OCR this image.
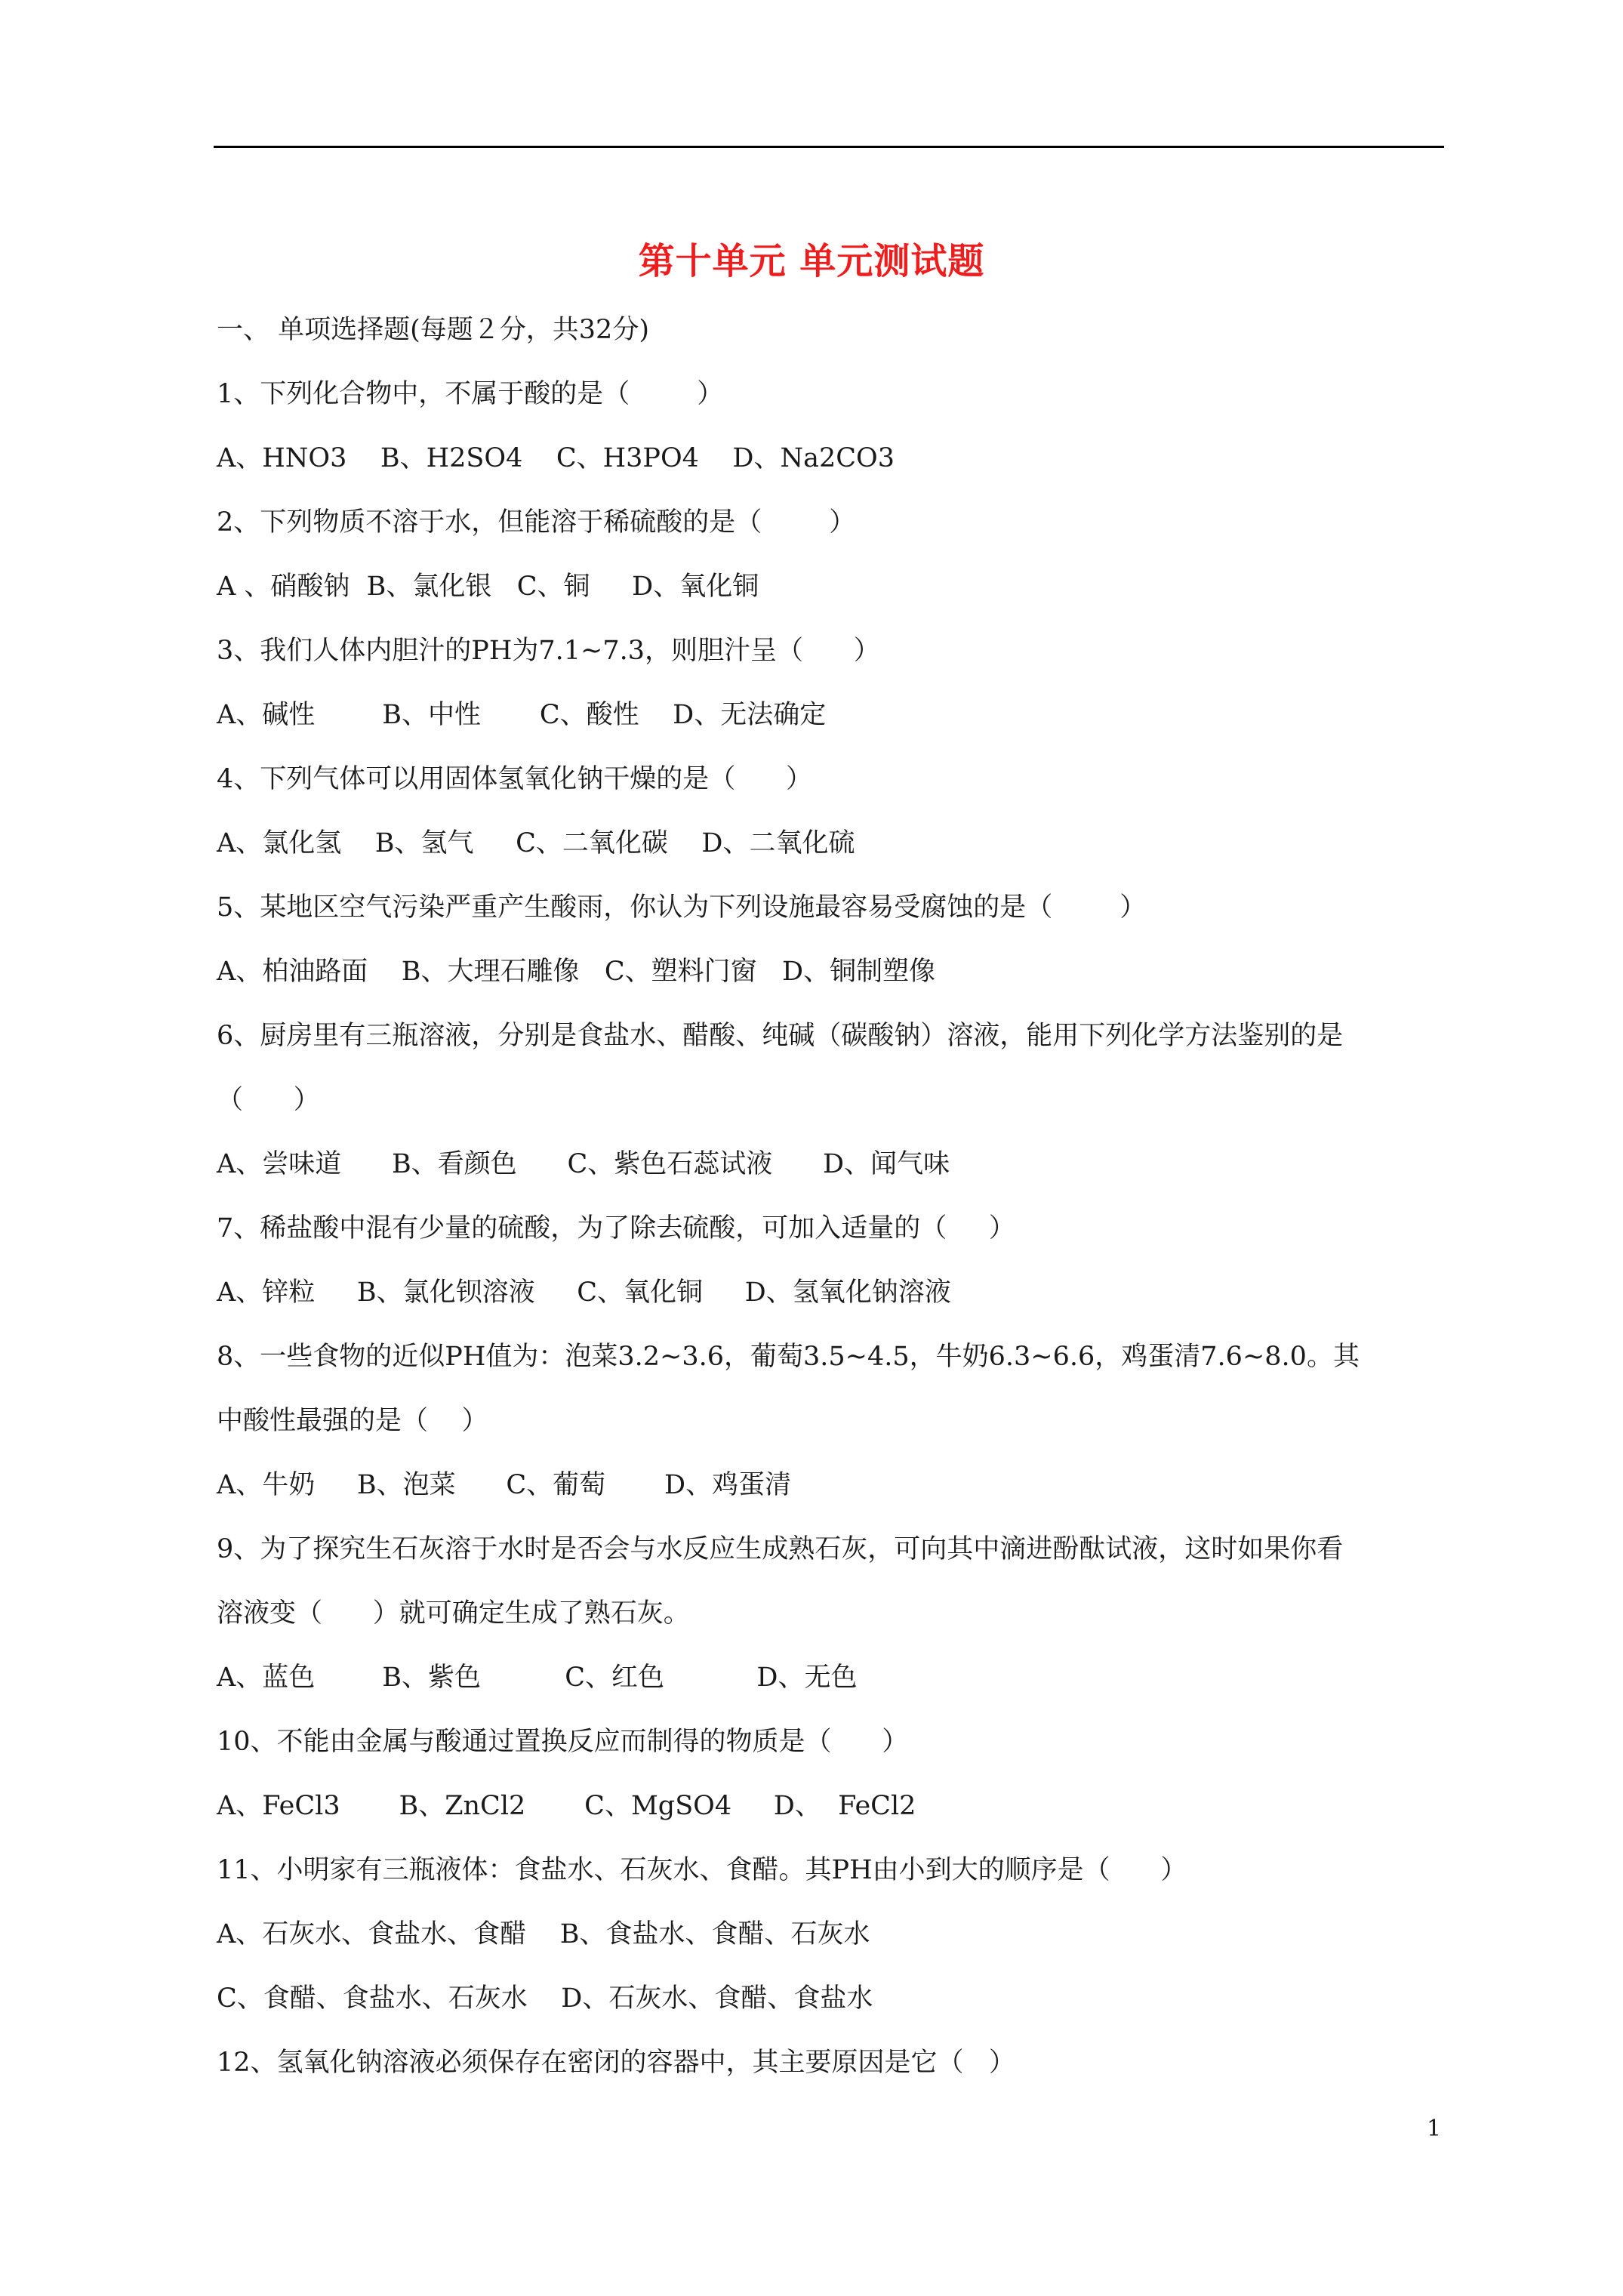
第十单元 单元测试题
一、 单项选择题(每题２分，共32分)
1、下列化合物中，不属于酸的是（        ）
A、HNO3    B、H2SO4    C、H3PO4    D、Na2CO3
2、下列物质不溶于水，但能溶于稀硫酸的是（        ）
A 、硝酸钠  B、氯化银   C、铜     D、氧化铜
3、我们人体内胆汁的PH为7.1~7.3，则胆汁呈（      ）
A、碱性        B、中性       C、酸性    D、无法确定
4、下列气体可以用固体氢氧化钠干燥的是（      ）
A、氯化氢    B、氢气     C、二氧化碳    D、二氧化硫
5、某地区空气污染严重产生酸雨，你认为下列设施最容易受腐蚀的是（        ）
A、柏油路面    B、大理石雕像   C、塑料门窗   D、铜制塑像
6、厨房里有三瓶溶液，分别是食盐水、醋酸、纯碱（碳酸钠）溶液，能用下列化学方法鉴别的是
（      ）
A、尝味道      B、看颜色      C、紫色石蕊试液      D、闻气味
7、稀盐酸中混有少量的硫酸，为了除去硫酸，可加入适量的（     ）
A、锌粒     B、氯化钡溶液     C、氧化铜     D、氢氧化钠溶液
8、一些食物的近似PH值为：泡菜3.2~3.6，葡萄3.5~4.5，牛奶6.3~6.6，鸡蛋清7.6~8.0。其
中酸性最强的是（    ）
A、牛奶     B、泡菜      C、葡萄       D、鸡蛋清
9、为了探究生石灰溶于水时是否会与水反应生成熟石灰，可向其中滴进酚酞试液，这时如果你看
溶液变（      ）就可确定生成了熟石灰。
A、蓝色        B、紫色          C、红色           D、无色
10、不能由金属与酸通过置换反应而制得的物质是（      ）
A、FeCl3       B、ZnCl2       C、MgSO4     D、  FeCl2
11、小明家有三瓶液体：食盐水、石灰水、食醋。其PH由小到大的顺序是（      ）
A、石灰水、食盐水、食醋    B、食盐水、食醋、石灰水
C、食醋、食盐水、石灰水    D、石灰水、食醋、食盐水
12、氢氧化钠溶液必须保存在密闭的容器中，其主要原因是它（   ）
1
